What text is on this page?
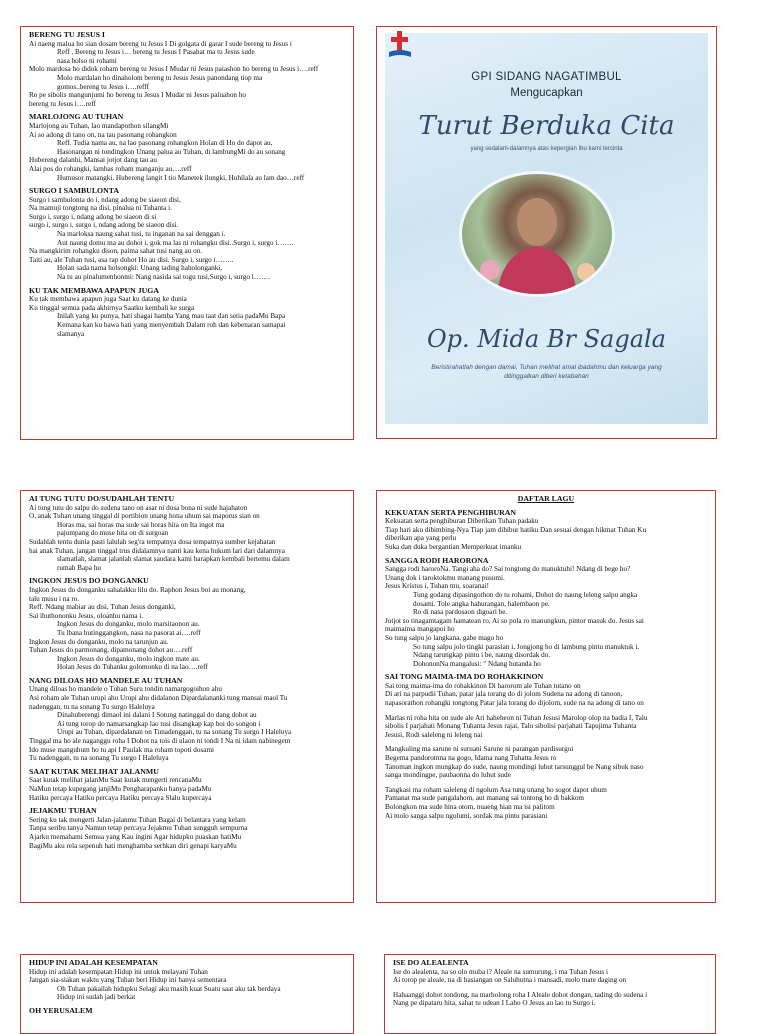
BERENG TU JESUS I
Ai naeng malua ho sian dosam bereng tu Jesus I Di golgata di garar I sude bereng tu Jesus i
Reff . Bereng tu Jesus i… bereng tu Jesus I Pasahat ma tu Jesus sude
nasa holso ni rohami
Molo mardosa ho didok roham bereng tu Jesus I Mudar ni Jesus paiashon ho bereng tu Jesus i….reff
Molo mardalan ho dinaholom bereng tu Jesus Jesus panondang tiop ma
gomos..bereng tu Jesus i….refff
Ro pe sibolis mangunjumi ho bereng tu Jesus I Mudar ni Jesus paluahon ho
bereng tu Jesus i….reff
MARLOJONG AU TUHAN
Marlojong au Tuhan, lao mandapothon silangMi
Ai so adong di tano on, na tau pasonang rohangkon
Reff. Tudia nama au, na lao pasonang rohangkon Holan di Ho do dapot au,
Hasonangan ni tondingkon Unang palua au Tuhan, di lambungMi do au sonang
Hubereng dalanhi, Mansai jotjot dang tau au
Alai pos do rohangki, lambas roham manganju au….reff
Humusor matangki, Hubereng langit I tio Manetek ilungki, Huhilala au lam dao…reff
SURGO I SAMBULONTA
Surgo i sambulonta do i, ndang adong be siaeon disi,
Na mamuji tongtong na disi, pinalua ni Tuhanta i.
Surgo i, surgo i, ndang adong be siaeon di si
surgo i, surgo i, surgo i, ndang adong be siaeon disi.
Na marloksa naung sahat tusi, tu inganan na sai denggan i.
Aut naung domu ma au dohot i, gok ma las ni rohangku disi..Surgo i, surgo i…….
Na mangkirim rohangku dison, paima sahat tusi nang au on.
Taiti au, ale Tuhan tusi, asa rap dohot Ho au disi. Surgo i, surgo i……..
Holan sada nama holsongki: Unang tading haholonganki,
Na tu au pinalumenhonmi: Nang nasida sai togu tusi,Surgo i, surgo i…….
KU TAK MEMBAWA APAPUN JUGA
Ku tak membawa apapun juga Saat ku datang ke dunia
Ku tinggal semua pada akhirnya Saatku kembali ke surga
Inilah yang ku punya, hati sbagai hamba Yang mau taat dan setia padaMu Bapa
Kemana kan ku bawa hati yang menyembah Dalam roh dan kebenaran samapai
slamanya
GPI SIDANG NAGATIMBUL
Mengucapkan
Turut Berduka Cita
yang sedalam-dalamnya atas kepergian Ibu kami tercinta
Op. Mida Br Sagala
Beristirahatlah dengan damai, Tuhan melihat amal ibadahmu dan keluarga yang ditinggalkan diberi ketabahan
AI TUNG TUTU DO/SUDAHLAH TENTU
Ai tung tutu do salpu do sudena tano on asar ni dosa bona ni sude hajahaton
O, anak Tuhan unang tinggal di portibion unang hona uhum sai maporus sian on
Horas ma, sai horas ma sude sai horas hita on Ita ingot ma
pajumpang do muse hita on di surgoan
Sudahlah tentu dunia pasti lalulah seg'ra tempatnya dosa tempatnya sumber kejahatan
hai anak Tuhan, jangan tinggal trus didalamnya nanti kau kena hukum lari dari dalamnya
slamatlah, slamat jalanlah slamat saudara kami harapkan kembali bertemu dalam
rumah Bapa hu
INGKON JESUS DO DONGANKU
Ingkon Jesus do donganku sahalakku lilu do. Raphon Jesus boi au monang,
talu musu i na ro.
Reff. Ndang mabiar au disi, Tuhan Jesus donganki,
Sai ihuthononku Jesus, oloanhu nama i.
Ingkon Jesus do donganku, molo marsitaonon au.
Tu lbana hutinggangkon, nasa na pasorat ai….reff
Ingkon Jesus do donganku, molo na tarunjun au.
Tuhan Jesus do parmonang, dipamonang dohot au….reff
Ingkon Jesus do donganku, molo ingkon mate au.
Holan Jesus do Tuhanku golomonku di na lao….reff
NANG DILOAS HO MANDELE AU TUHAN
Unang diloas ho mandele o Tuhan Suru tondin namargogoihon ahu
Asi roham ale Tuhan urupi ahu Urupi ahu didalanon Dipardalananki tung mansai maol Tu
nadenggan, tu na sonang Tu surgo Haleluya
Dinahuberengi dimaol ini dalani I Sotung natinggal do dang dohot au
Ai tung torop do namarsangkap lao tusi disangkap kap boi do songon i
Urupi au Tuhan, dipardalanan on Tunadenggan, tu na sonang Tu surgo I Haleluya
Tinggal ma ho ale naganggu roha I Dohot na tois di ulaon ni tondi I Na ni idam nabinegem
Ido muse manguhum ho tu api I Paulak ma roham topoti dosami
Tu nadenggan, tu na sonang Tu surgo I Haleluya
SAAT KUTAK MELIHAT JALANMU
Saat kutak melihat jalanMu Saat kutak mengerti rencanaMu
NaMun tetap kupegang janjiMu Pengharapanku hanya padaMu
Hatiku percaya Hatiku percaya Hatiku percaya Slalu kupercaya
JEJAKMU TUHAN
Sering ku tak mengerti Jalan-jalanmu Tuhan Bagai di belantara yang kelam
Tanpa seribu tanya Namun tetap percaya Jejakmu Tuhan sungguh sempurna
Ajarku memahami Semua yang Kau ingini Agar hidupku puaskan hatiMu
BagiMu aku rela sepenuh hati menghamba serhkan diri genapi karyaMu
DAFTAR LAGU
KEKUATAN SERTA PENGHIBURAN
Kekuatan serta penghiburan Diberikan Tuhan padaku
Tiap hari aku dibimbing-Nya Tiap jam dihibur hatiku Dan sesuai dengan hikmat Tuhan Ku
diberikan apa yang perlu
Suka dan duka bergantian Memperkuat imanku
SANGGA RODI HARORONA
Sangga rodi haroroNa. Tangi aha do? Sai tongtong do manuktuhi! Ndang di bege ho?
Unang dok i taroktokmu manang pusumi.
Jesus Kristus i, Tuhan mu, soaranai!
Tung godang dipasingothon do tu rohami, Dohot do naung leleng salpu angka
dosami. Tole angka hahurangan, halembaon pe.
Ro di nasa pardosaon digoari be.
Jotjot so tinagamtagam hamatean ro, Ai so pola ro manungkun, pintor masuk do. Jesus sai
maimaima mangapoi ho
So tung salpu jo langkana, gabe mago ho
So tung salpu jolo tingki parasian i, Jongjong ho di lambung pintu manuktuk i.
Ndang tarungkap pintu i be, naung disordak do.
DohononNa mangalusi: " Ndang hutanda ho
SAI TONG MAIMA-IMA DO ROHAKKINON
Sai tong maima-ima do rohakkinon Di harorom ale Tuhan tutano on
Di ari na parpudii Tuhan, patar jala torang do di jolom Sudena na adong di tanoon,
napasorathon rohangki tongtong Patar jala torang do dijolom, sude na na adong di tano on
Marlas ni roha hita on sude ale Ari haheheon ni Tuhan Jesusi Marolop olop na badia I, Talu
sibolis I parjahati Monang Tuhanta Jesus rajai, Talu sibolisi parjahati Tapujima Tuhanta
Jesusi, Rodi saleleng ni leleng nai
Mangkuling ma sarune ni suruani Sarune ni parangan pardisurgoi
Begema pandoromna na gogo, Idama nang Tuhatta Jesus ro
Tanoman ingkon mungkap do sude, naung mondingi luhut tarsunggul be Nang sibuk naso
sanga mondingpe, paubaonna do luhut sude
Tangkasi ma roham saleleng di ngolum Asa tung unang ho sogot dapot uhum
Pamanat ma sude pangalahom, aut manang sai tontong ho di bakkom
Bolongkon ma sude hina otom, nuaeng hian ma isi palitom
Ai molo sanga salpu ngolumi, sordak ma pintu parasiani
HIDUP INI ADALAH KESEMPATAN
Hidup ini adalah kesempatan Hidup ini untuk melayani Tuhan
Jangan sia-siakan waktu yang Tuhan beri Hidup ini hanya sementara
Oh Tuhan pakailah hidupku Selagi aku masih kuat Suatu saat aku tak berdaya
Hidup ini sudah jadi berkat
OH YERUSALEM
ISE DO ALEALENTA
Ise do alealenta, na so olo muba i? Aleale na sumurung, i ma Tuhan Jesus i
Ai torop pe aleale, na di hasiangan on Saluhutna i mansadi, molo mate daging on
Hahaanggi dohot tondong, na marholong roha I Aleale dohot dongan, tading do sudena i
Nang pe dipataru hita, sahat tu udean I Laho O Jesus au lao tu Surgo i.
